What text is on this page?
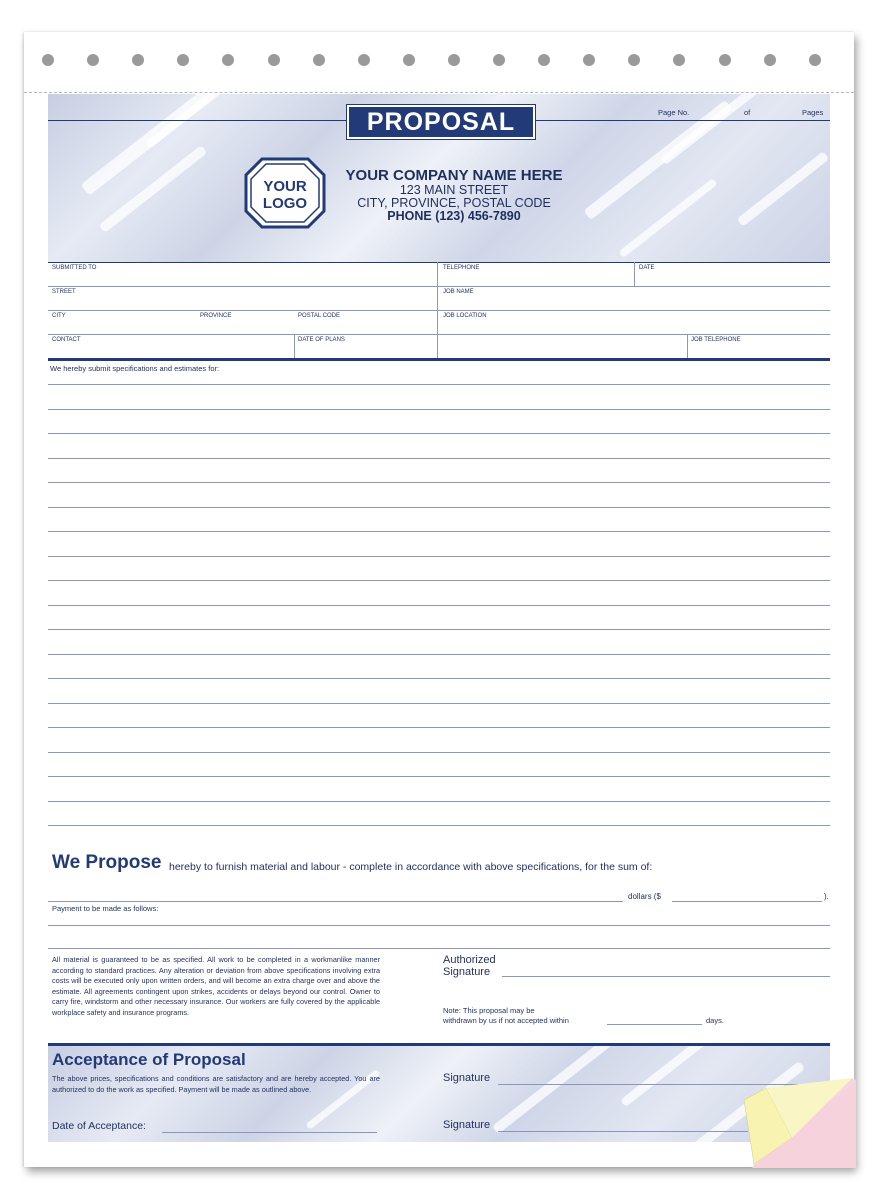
PROPOSAL	Page No.	of	Pages
YOUR
LOGO
YOUR COMPANY NAME HERE
123 MAIN STREET
CITY, PROVINCE, POSTAL CODE
PHONE (123) 456-7890
SUBMITTED TO	TELEPHONE	DATE
STREET	JOB NAME
CITY	PROVINCE	POSTAL CODE	JOB LOCATION
CONTACT	DATE OF PLANS	JOB TELEPHONE
We hereby submit specifications and estimates for:
We Propose hereby to furnish material and labour - complete in accordance with above specifications, for the sum of:
dollars ($	).
Payment to be made as follows:
All material is guaranteed to be as specified. All work to be completed in a workmanlike manner according to standard practices. Any alteration or deviation from above specifications involving extra costs will be executed only upon written orders, and will become an extra charge over and above the estimate. All agreements contingent upon strikes, accidents or delays beyond our control. Owner to carry fire, windstorm and other necessary insurance. Our workers are fully covered by the applicable workplace safety and insurance programs.
Authorized
Signature
Note: This proposal may be
withdrawn by us if not accepted within	days.
Acceptance of Proposal
The above prices, specifications and conditions are satisfactory and are hereby accepted. You are authorized to do the work as specified. Payment will be made as outlined above.
Date of Acceptance:
Signature
Signature
